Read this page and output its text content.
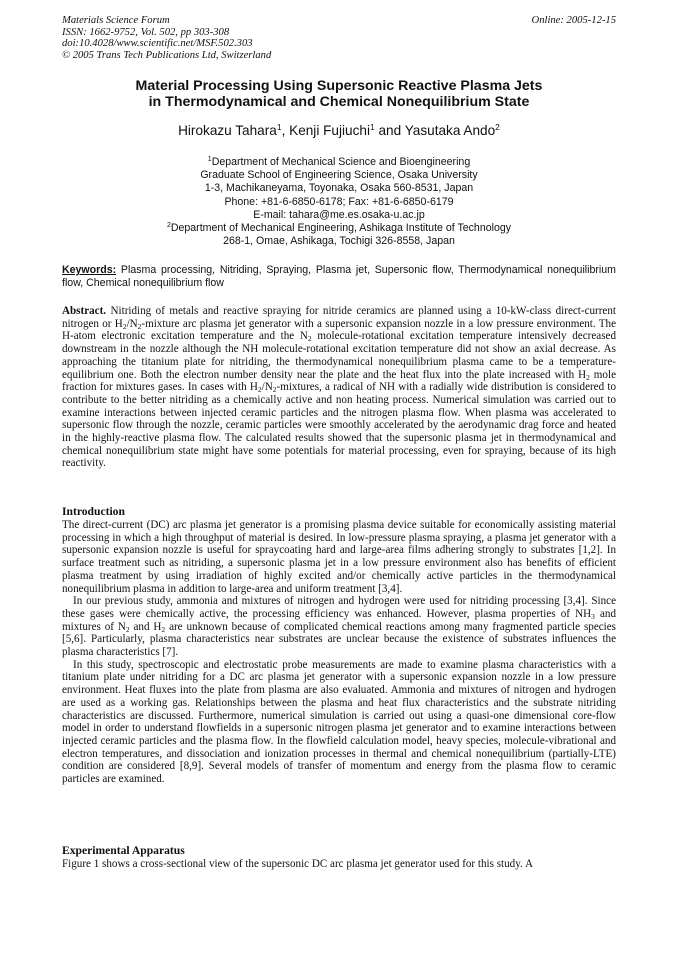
Materials Science Forum
ISSN: 1662-9752, Vol. 502, pp 303-308
doi:10.4028/www.scientific.net/MSF.502.303
© 2005 Trans Tech Publications Ltd, Switzerland
Online: 2005-12-15
Material Processing Using Supersonic Reactive Plasma Jets
in Thermodynamical and Chemical Nonequilibrium State
Hirokazu Tahara$^1$, Kenji Fujiuchi$^1$ and Yasutaka Ando$^2$
$^1$Department of Mechanical Science and Bioengineering
Graduate School of Engineering Science, Osaka University
1-3, Machikaneyama, Toyonaka, Osaka 560-8531, Japan
Phone: +81-6-6850-6178; Fax: +81-6-6850-6179
E-mail: tahara@me.es.osaka-u.ac.jp
$^2$Department of Mechanical Engineering, Ashikaga Institute of Technology
268-1, Omae, Ashikaga, Tochigi 326-8558, Japan
Keywords: Plasma processing, Nitriding, Spraying, Plasma jet, Supersonic flow, Thermodynamical nonequilibrium flow, Chemical nonequilibrium flow
Abstract. Nitriding of metals and reactive spraying for nitride ceramics are planned using a 10-kW-class direct-current nitrogen or $H_2/N_2$-mixture arc plasma jet generator with a supersonic expansion nozzle in a low pressure environment. The H-atom electronic excitation temperature and the $N_2$ molecule-rotational excitation temperature intensively decreased downstream in the nozzle although the NH molecule-rotational excitation temperature did not show an axial decrease. As approaching the titanium plate for nitriding, the thermodynamical nonequilibrium plasma came to be a temperature-equilibrium one. Both the electron number density near the plate and the heat flux into the plate increased with $H_2$ mole fraction for mixtures gases. In cases with $H_2/N_2$-mixtures, a radical of NH with a radially wide distribution is considered to contribute to the better nitriding as a chemically active and non heating process. Numerical simulation was carried out to examine interactions between injected ceramic particles and the nitrogen plasma flow. When plasma was accelerated to supersonic flow through the nozzle, ceramic particles were smoothly accelerated by the aerodynamic drag force and heated in the highly-reactive plasma flow. The calculated results showed that the supersonic plasma jet in thermodynamical and chemical nonequilibrium state might have some potentials for material processing, even for spraying, because of its high reactivity.
Introduction

The direct-current (DC) arc plasma jet generator is a promising plasma device suitable for economically assisting material processing in which a high throughput of material is desired. In low-pressure plasma spraying, a plasma jet generator with a supersonic expansion nozzle is useful for spraycoating hard and large-area films adhering strongly to substrates [1,2]. In surface treatment such as nitriding, a supersonic plasma jet in a low pressure environment also has benefits of efficient plasma treatment by using irradiation of highly excited and/or chemically active particles in the thermodynamical nonequilibrium plasma in addition to large-area and uniform treatment [3,4].

In our previous study, ammonia and mixtures of nitrogen and hydrogen were used for nitriding processing [3,4]. Since these gases were chemically active, the processing efficiency was enhanced. However, plasma properties of $NH_3$ and mixtures of $N_2$ and $H_2$ are unknown because of complicated chemical reactions among many fragmented particle species [5,6]. Particularly, plasma characteristics near substrates are unclear because the existence of substrates influences the plasma characteristics [7].

In this study, spectroscopic and electrostatic probe measurements are made to examine plasma characteristics with a titanium plate under nitriding for a DC arc plasma jet generator with a supersonic expansion nozzle in a low pressure environment. Heat fluxes into the plate from plasma are also evaluated. Ammonia and mixtures of nitrogen and hydrogen are used as a working gas. Relationships between the plasma and heat flux characteristics and the substrate nitriding characteristics are discussed. Furthermore, numerical simulation is carried out using a quasi-one dimensional core-flow model in order to understand flowfields in a supersonic nitrogen plasma jet generator and to examine interactions between injected ceramic particles and the plasma flow. In the flowfield calculation model, heavy species, molecule-vibrational and electron temperatures, and dissociation and ionization processes in thermal and chemical nonequilibrium (partially-LTE) condition are considered [8,9]. Several models of transfer of momentum and energy from the plasma flow to ceramic particles are examined.

Experimental Apparatus
Figure 1 shows a cross-sectional view of the supersonic DC arc plasma jet generator used for this study. A
